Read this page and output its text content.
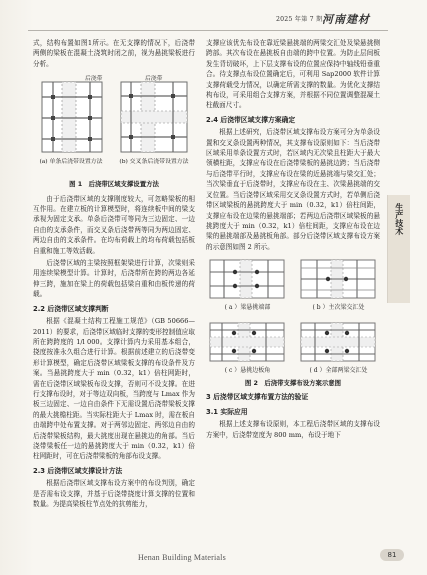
2025 年第 7 期 河南建材
生产技术

式，结构布置如图1所示。在无支撑的情况下，后浇带两侧的梁板在混凝土浇筑时闭之前，视为悬挑梁板进行分析。

后浇带	后浇带
(a) 单条后浇带设置方法	(b) 交叉条后浇带设置方法
图 1　后浇带区域支撑设置方法

由于后浇带区域的支撑刚度较大，可忽略梁板的相互作用。在建立板的计算模型时，将连续板中间的梁支承视为固定支承。单条后浇带可等同为三边固定、一边自由的支承条件，而交叉条后浇带两等同为两边固定、两边自由的支承条件。在均布荷载上的均布荷载包括板自重和施工等效活载。

后浇带区域的主梁按照框架梁进行计算，次梁则采用连续梁模型计算。计算时，后浇带所在跨的两边各延伸三跨，施加在梁上的荷载包括梁自重和由板传递的荷载。

2.2 后浇带区域支撑判断

根据《混凝土结构工程施工规范》（GB 50666—2011）的要求，后浇带区域临时支撑的变形控制值应取所在跨跨度的 1/l 000。支撑计算内力采用基本组合，挠度按准永久组合进行计算。根据前述建立的后浇带变形计算模型，确定后浇带区域梁板支撑的布设条件及方案。当悬挑跨度大于 min（0.32，k1）倍柱网距时，需在后浇带区域梁板布设支撑，否则可不设支撑。在进行支撑布设时，对于等边双向板，当跨度与 Lmax 作为板三边固定、一边自由条件下无需设置后浇带梁板支撑的最大挑檐柱距。当实际柱距大于 Lmax 时，需在板自由端跨中处布置支撑。对于两邻边固定、两邻边自由的后浇带梁板结构，最大挑度出现在悬挑边的角部。当后浇带梁板任一边的悬挑跨度大于 min（0.32，k1）倍柱网距时，可在后浇带梁板的角部布设支撑。

2.3 后浇带区域支撑设计方法

根据后浇带区域支撑布设方案中的布设判别，确定是否需布设支撑，并基于后浇带挠度计算支撑的位置和数量。为提高梁板柱节点处的抗剪能力，

支撑应该优先布设在靠近梁悬挑端的两梁交汇处及梁悬挑侧跨部。其次布设在悬挑板自由端的跨中位置。为防止层间板发生背切破坏，上下层支撑布设的位置应保持中轴线铅垂重合。待支撑点布设位置确定后，可利用 Sap2000 软件计算支撑荷载受力情况，以确定所需支撑的数量。为优化支撑结构布设，可采用组合支撑方案，并根据不同位置调整混凝土柱截面尺寸。

2.4 后浇带区域支撑方案确定

根据上述研究，后浇带区域支撑布设方案可分为单条设置和交叉条设置两种情况，其支撑布设原则如下：当后浇带区域采用单条设置方式时，若区域内无次梁且柱距大于最大领横柱距，支撑应布设在后浇带梁板的悬挑边跨；当后浇带与后浇带平行时，支撑应布设在梁的近悬挑端与梁交汇处；当次梁垂直于后浇带时，支撑应布设在主、次梁悬挑端的交叉位置。当后浇带区域采用交叉条设置方式时，若单侧后浇带区域梁板的悬挑跨度大于 min（0.32，k1）倍柱间距，支撑应布设在边梁的悬挑端部；若两边后浇带区域梁板的悬挑跨度大于 min（0.32，k1）倍柱间距，支撑应布设在边梁的悬挑端部及悬挑板角部。部分后浇带区域支撑布设方案的示意图如图 2 所示。

( a ）梁悬挑端部	( b ）主次梁交汇处
( c ）悬挑边板角	( d ）全部两梁交汇处
图 2　后浇带支撑布设方案示意图
3 后浇带区域支撑布置方法的验证
3.1 实际应用

根据上述支撑布设原则，本工程后浇带区域的支撑布设方案中，后浇带宽度为 800 mm，布设于地下

Henan Building Materials	81
